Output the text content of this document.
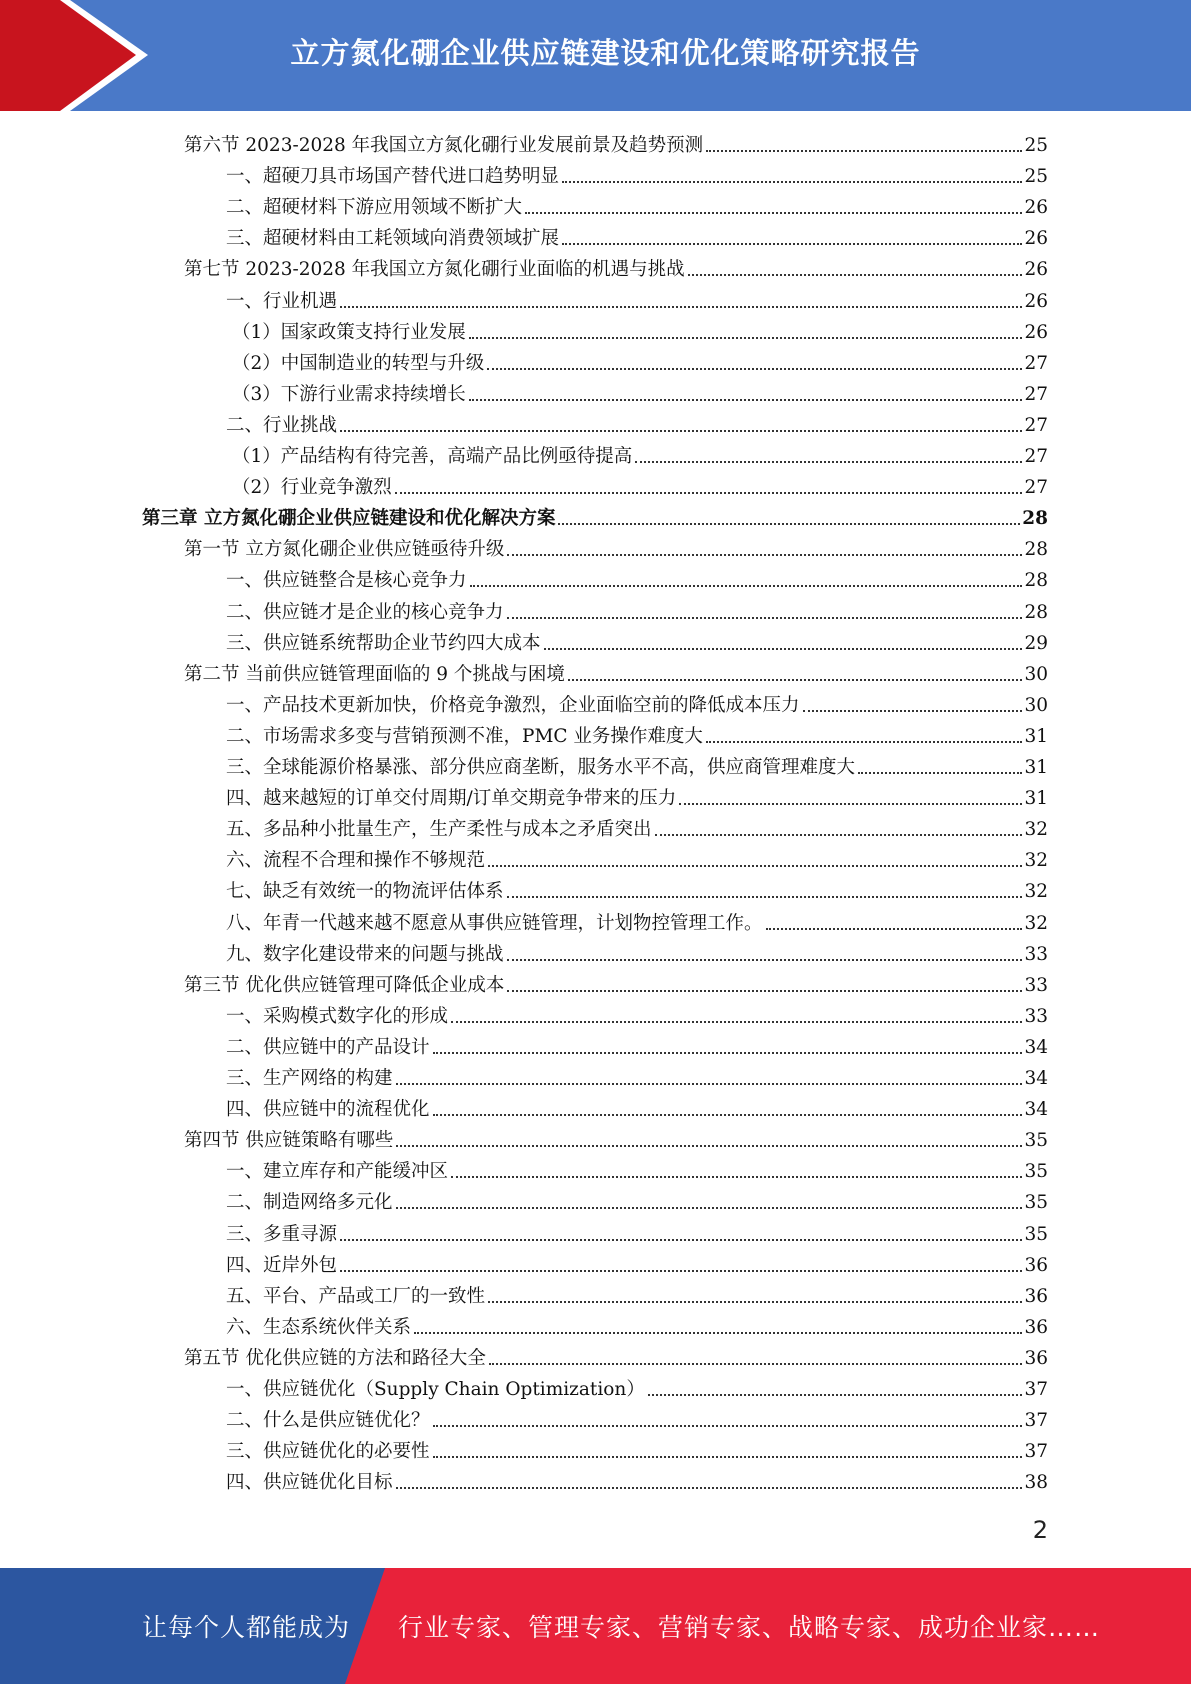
立方氮化硼企业供应链建设和优化策略研究报告
第六节 2023-2028 年我国立方氮化硼行业发展前景及趋势预测	25
一、超硬刀具市场国产替代进口趋势明显	25
二、超硬材料下游应用领域不断扩大	26
三、超硬材料由工耗领域向消费领域扩展	26
第七节 2023-2028 年我国立方氮化硼行业面临的机遇与挑战	26
一、行业机遇	26
（1）国家政策支持行业发展	26
（2）中国制造业的转型与升级	27
（3）下游行业需求持续增长	27
二、行业挑战	27
（1）产品结构有待完善，高端产品比例亟待提高	27
（2）行业竞争激烈	27
第三章 立方氮化硼企业供应链建设和优化解决方案	28
第一节 立方氮化硼企业供应链亟待升级	28
一、供应链整合是核心竞争力	28
二、供应链才是企业的核心竞争力	28
三、供应链系统帮助企业节约四大成本	29
第二节 当前供应链管理面临的 9 个挑战与困境	30
一、产品技术更新加快，价格竞争激烈，企业面临空前的降低成本压力	30
二、市场需求多变与营销预测不准，PMC 业务操作难度大	31
三、全球能源价格暴涨、部分供应商垄断，服务水平不高，供应商管理难度大	31
四、越来越短的订单交付周期/订单交期竞争带来的压力	31
五、多品种小批量生产，生产柔性与成本之矛盾突出	32
六、流程不合理和操作不够规范	32
七、缺乏有效统一的物流评估体系	32
八、年青一代越来越不愿意从事供应链管理，计划物控管理工作。	32
九、数字化建设带来的问题与挑战	33
第三节 优化供应链管理可降低企业成本	33
一、采购模式数字化的形成	33
二、供应链中的产品设计	34
三、生产网络的构建	34
四、供应链中的流程优化	34
第四节 供应链策略有哪些	35
一、建立库存和产能缓冲区	35
二、制造网络多元化	35
三、多重寻源	35
四、近岸外包	36
五、平台、产品或工厂的一致性	36
六、生态系统伙伴关系	36
第五节 优化供应链的方法和路径大全	36
一、供应链优化（Supply Chain Optimization）	37
二、什么是供应链优化？	37
三、供应链优化的必要性	37
四、供应链优化目标	38
2
让每个人都能成为 行业专家、管理专家、营销专家、战略专家、成功企业家……
